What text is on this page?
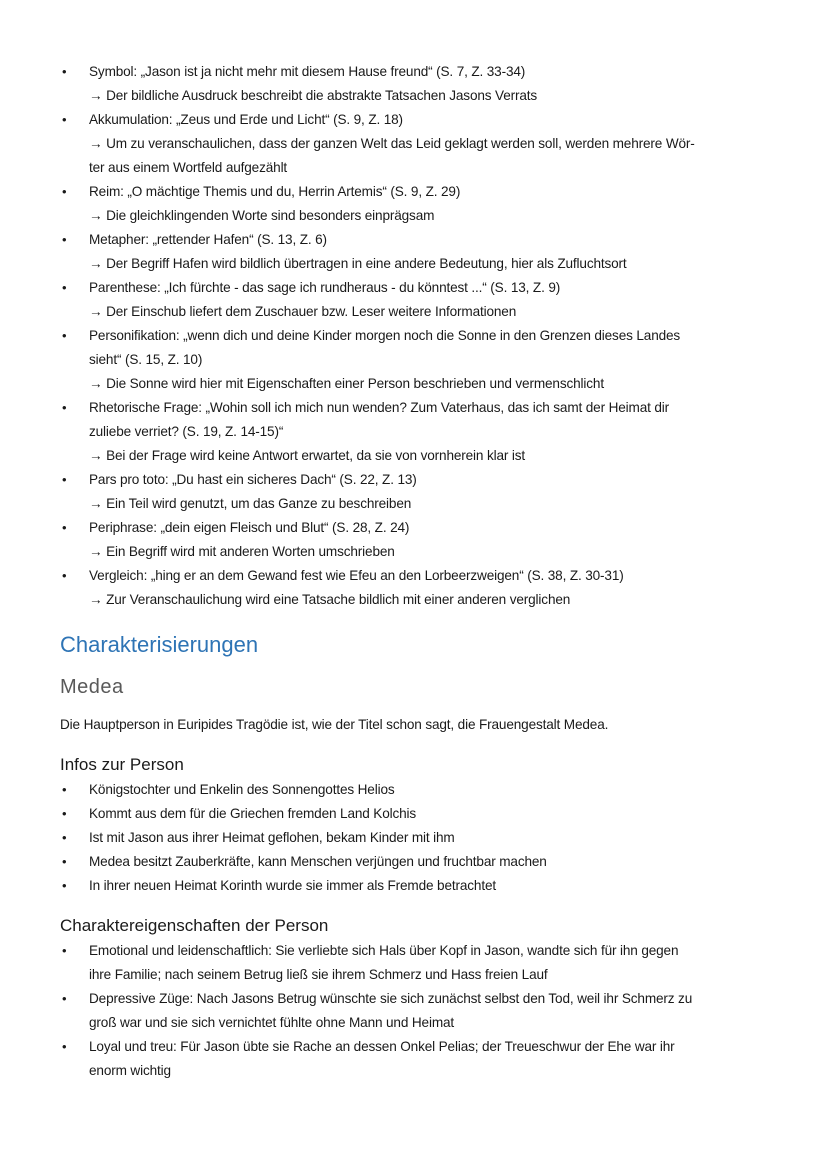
• Symbol: „Jason ist ja nicht mehr mit diesem Hause freund“ (S. 7, Z. 33-34)
→ Der bildliche Ausdruck beschreibt die abstrakte Tatsachen Jasons Verrats
• Akkumulation: „Zeus und Erde und Licht“ (S. 9, Z. 18)
→ Um zu veranschaulichen, dass der ganzen Welt das Leid geklagt werden soll, werden mehrere Wör-
ter aus einem Wortfeld aufgezählt
• Reim: „O mächtige Themis und du, Herrin Artemis“ (S. 9, Z. 29)
→ Die gleichklingenden Worte sind besonders einprägsam
• Metapher: „rettender Hafen“ (S. 13, Z. 6)
→ Der Begriff Hafen wird bildlich übertragen in eine andere Bedeutung, hier als Zufluchtsort
• Parenthese: „Ich fürchte - das sage ich rundheraus - du könntest ...“ (S. 13, Z. 9)
→ Der Einschub liefert dem Zuschauer bzw. Leser weitere Informationen
• Personifikation: „wenn dich und deine Kinder morgen noch die Sonne in den Grenzen dieses Landes
sieht“ (S. 15, Z. 10)
→ Die Sonne wird hier mit Eigenschaften einer Person beschrieben und vermenschlicht
• Rhetorische Frage: „Wohin soll ich mich nun wenden? Zum Vaterhaus, das ich samt der Heimat dir
zuliebe verriet? (S. 19, Z. 14-15)“
→ Bei der Frage wird keine Antwort erwartet, da sie von vornherein klar ist
• Pars pro toto: „Du hast ein sicheres Dach“ (S. 22, Z. 13)
→ Ein Teil wird genutzt, um das Ganze zu beschreiben
• Periphrase: „dein eigen Fleisch und Blut“ (S. 28, Z. 24)
→ Ein Begriff wird mit anderen Worten umschrieben
• Vergleich: „hing er an dem Gewand fest wie Efeu an den Lorbeerzweigen“ (S. 38, Z. 30-31)
→ Zur Veranschaulichung wird eine Tatsache bildlich mit einer anderen verglichen
Charakterisierungen
Medea

Die Hauptperson in Euripides Tragödie ist, wie der Titel schon sagt, die Frauengestalt Medea.

Infos zur Person
• Königstochter und Enkelin des Sonnengottes Helios
• Kommt aus dem für die Griechen fremden Land Kolchis
• Ist mit Jason aus ihrer Heimat geflohen, bekam Kinder mit ihm
• Medea besitzt Zauberkräfte, kann Menschen verjüngen und fruchtbar machen
• In ihrer neuen Heimat Korinth wurde sie immer als Fremde betrachtet
Charaktereigenschaften der Person
• Emotional und leidenschaftlich: Sie verliebte sich Hals über Kopf in Jason, wandte sich für ihn gegen
ihre Familie; nach seinem Betrug ließ sie ihrem Schmerz und Hass freien Lauf
• Depressive Züge: Nach Jasons Betrug wünschte sie sich zunächst selbst den Tod, weil ihr Schmerz zu
groß war und sie sich vernichtet fühlte ohne Mann und Heimat
• Loyal und treu: Für Jason übte sie Rache an dessen Onkel Pelias; der Treueschwur der Ehe war ihr
enorm wichtig
